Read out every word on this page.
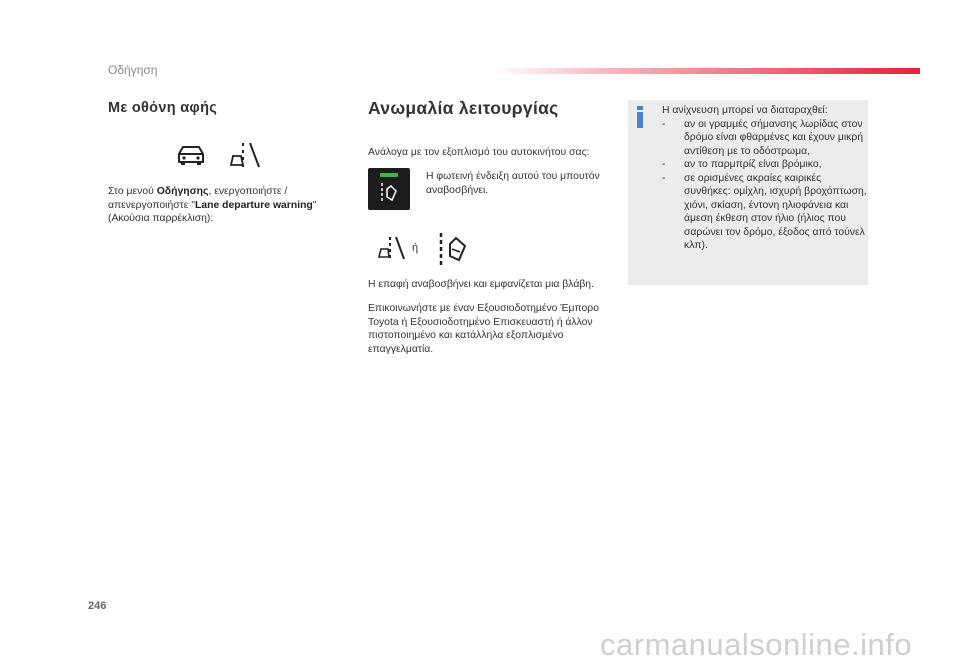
Οδήγηση
Με οθόνη αφής
Στο μενού Οδήγησης, ενεργοποιήστε / απενεργοποιήστε "Lane departure warning" (Ακούσια παρρέκλιση):
Ανωμαλία λειτουργίας
Ανάλογα με τον εξοπλισμό του αυτοκινήτου σας:
Η φωτεινή ένδειξη αυτού του μπουτόν αναβοσβήνει.
ή
Η επαφή αναβοσβήνει και εμφανίζεται μια βλάβη.
Επικοινωνήστε με έναν Εξουσιοδοτημένο Έμπορο Toyota ή Εξουσιοδοτημένο Επισκευαστή ή άλλον πιστοποιημένο και κατάλληλα εξοπλισμένο επαγγελματία.
Η ανίχνευση μπορεί να διαταραχθεί:
-	αν οι γραμμές σήμανσης λωρίδας στον δρόμο είναι φθαρμένες και έχουν μικρή αντίθεση με το οδόστρωμα,
-	αν το παρμπρίζ είναι βρόμικο,
-	σε ορισμένες ακραίες καιρικές συνθήκες: ομίχλη, ισχυρή βροχόπτωση, χιόνι, σκίαση, έντονη ηλιοφάνεια και άμεση έκθεση στον ήλιο (ήλιος που σαρώνει τον δρόμο, έξοδος από τούνελ κλπ).
246
carmanualsonline.info
